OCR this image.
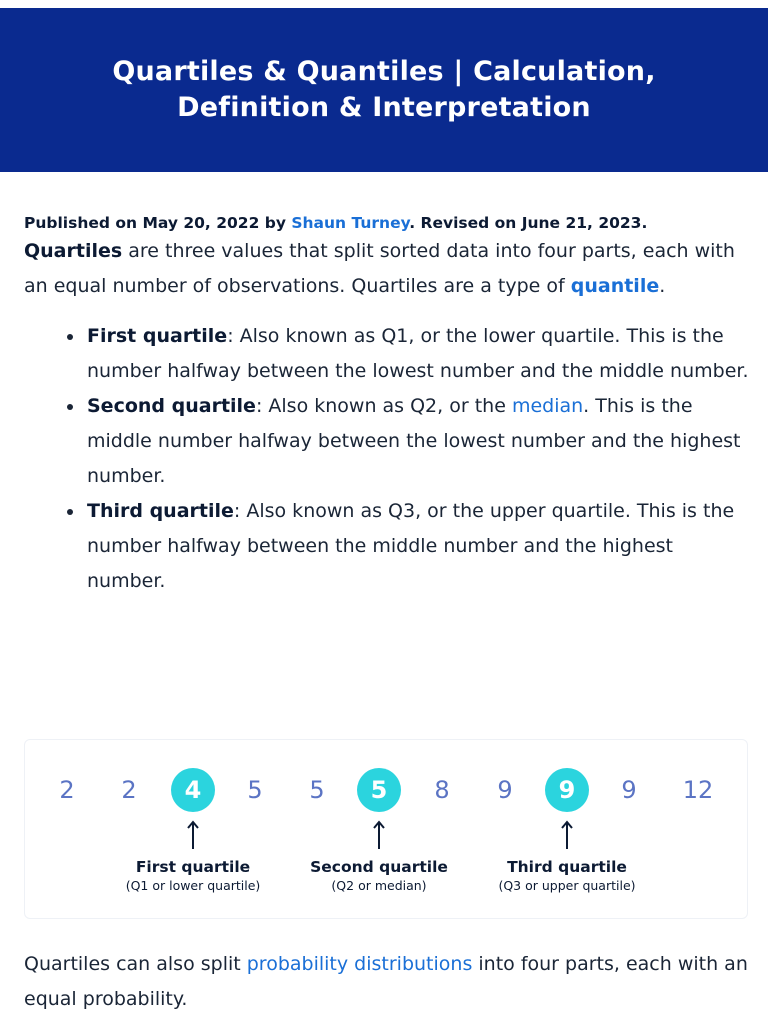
Quartiles & Quantiles | Calculation,
Definition & Interpretation
Published on May 20, 2022 by Shaun Turney. Revised on June 21, 2023.

Quartiles are three values that split sorted data into four parts, each with an equal number of observations. Quartiles are a type of quantile.

First quartile: Also known as Q1, or the lower quartile. This is the number halfway between the lowest number and the middle number.
Second quartile: Also known as Q2, or the median. This is the middle number halfway between the lowest number and the highest number.
Third quartile: Also known as Q3, or the upper quartile. This is the number halfway between the middle number and the highest number.
2	2	4	5	5	5	8	9	9	9	12
First quartile
(Q1 or lower quartile)
Second quartile
(Q2 or median)
Third quartile
(Q3 or upper quartile)

Quartiles can also split probability distributions into four parts, each with an equal probability.
